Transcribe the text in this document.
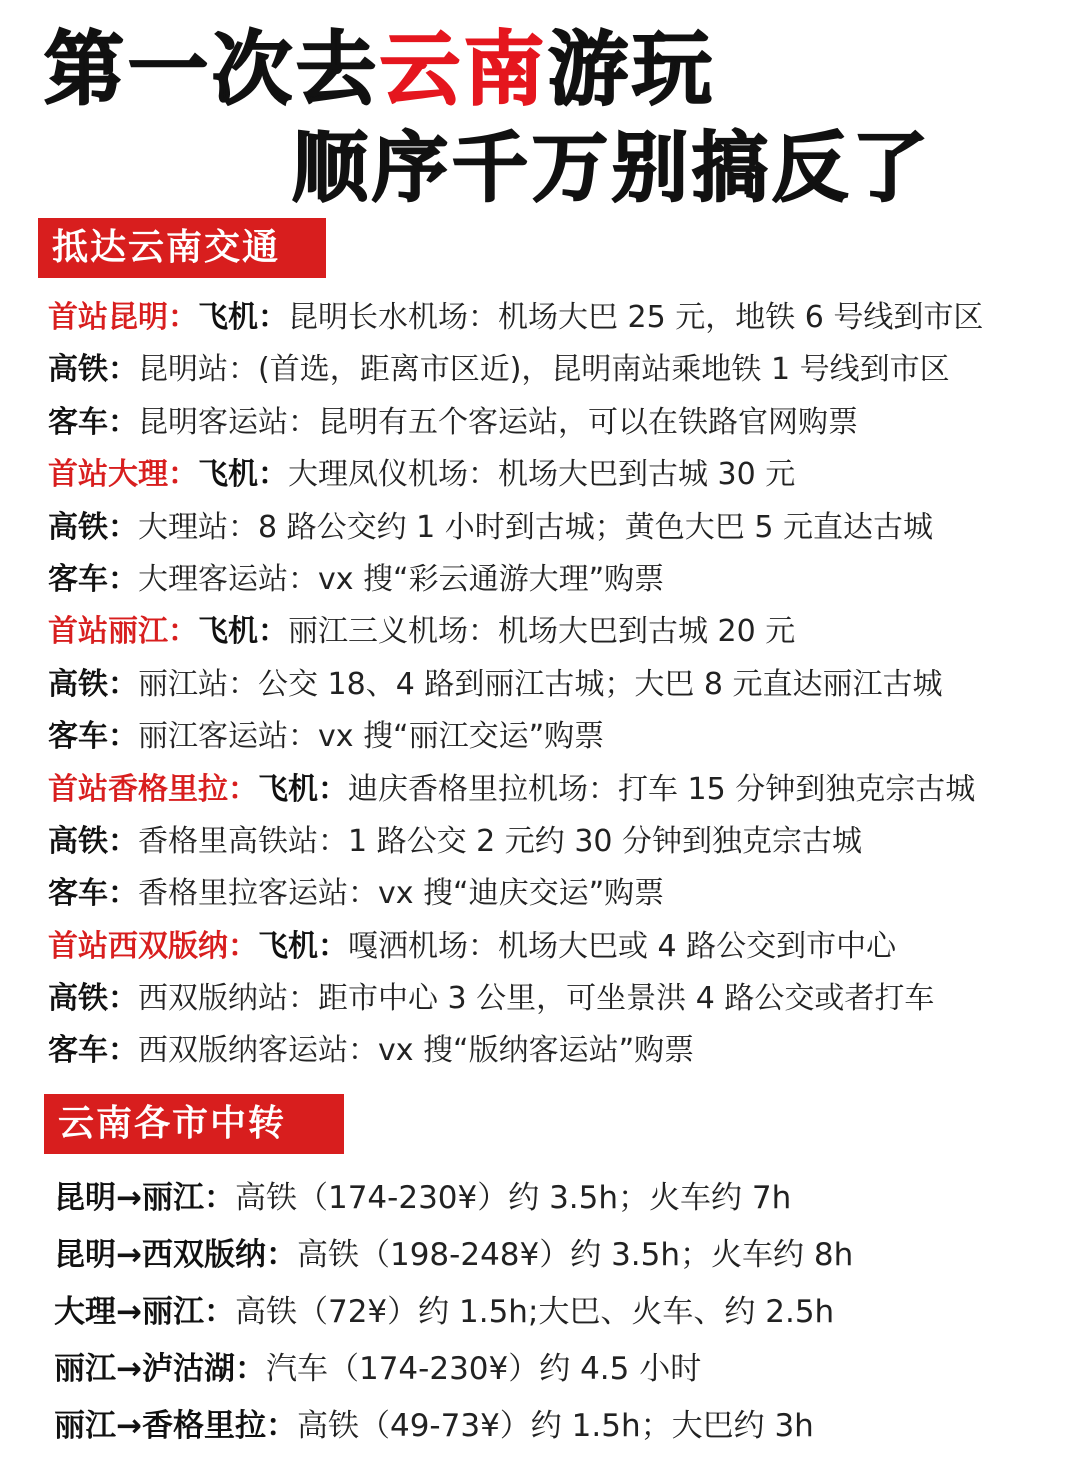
第一次去云南游玩
顺序千万别搞反了
抵达云南交通
首站昆明：飞机：昆明长水机场：机场大巴 25 元，地铁 6 号线到市区
高铁：昆明站：(首选，距离市区近)，昆明南站乘地铁 1 号线到市区
客车：昆明客运站：昆明有五个客运站，可以在铁路官网购票
首站大理：飞机：大理凤仪机场：机场大巴到古城 30 元
高铁：大理站：8 路公交约 1 小时到古城；黄色大巴 5 元直达古城
客车：大理客运站：vx 搜“彩云通游大理”购票
首站丽江：飞机：丽江三义机场：机场大巴到古城 20 元
高铁：丽江站：公交 18、4 路到丽江古城；大巴 8 元直达丽江古城
客车：丽江客运站：vx 搜“丽江交运”购票
首站香格里拉：飞机：迪庆香格里拉机场：打车 15 分钟到独克宗古城
高铁：香格里高铁站：1 路公交 2 元约 30 分钟到独克宗古城
客车：香格里拉客运站：vx 搜“迪庆交运”购票
首站西双版纳：飞机：嘎洒机场：机场大巴或 4 路公交到市中心
高铁：西双版纳站：距市中心 3 公里，可坐景洪 4 路公交或者打车
客车：西双版纳客运站：vx 搜“版纳客运站”购票
云南各市中转
昆明→丽江：高铁（174-230¥）约 3.5h；火车约 7h
昆明→西双版纳：高铁（198-248¥）约 3.5h；火车约 8h
大理→丽江：高铁（72¥）约 1.5h;大巴、火车、约 2.5h
丽江→泸沽湖：汽车（174-230¥）约 4.5 小时
丽江→香格里拉：高铁（49-73¥）约 1.5h；大巴约 3h
